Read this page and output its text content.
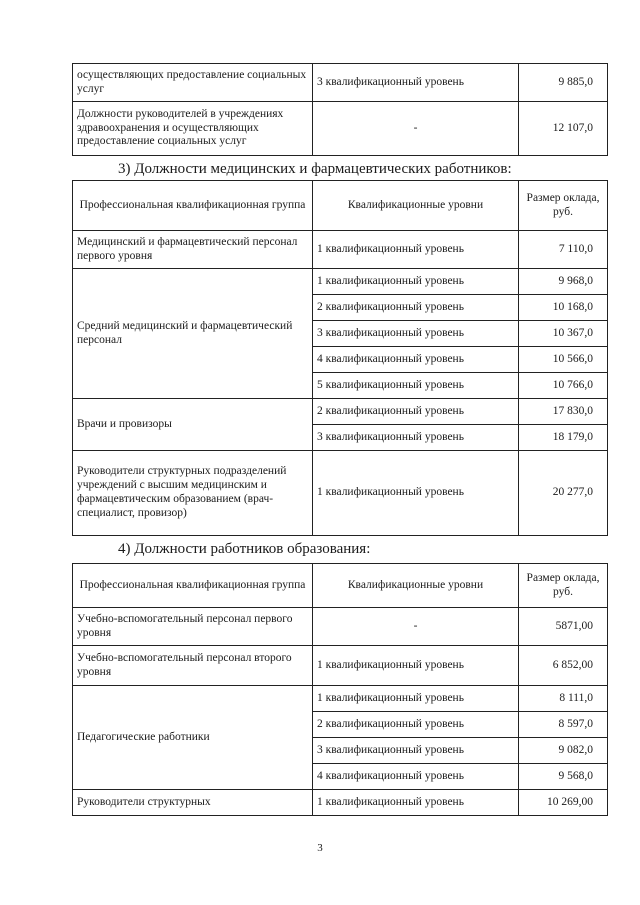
осуществляющих предоставление социальных услуг	3 квалификационный уровень	9 885,0
Должности руководителей в учреждениях здравоохранения и осуществляющих предоставление социальных услуг	-	12 107,0
3) Должности медицинских и фармацевтических работников:
Профессиональная квалификационная группа	Квалификационные уровни	Размер оклада, руб.
Медицинский и фармацевтический персонал первого уровня	1 квалификационный уровень	7 110,0
Средний медицинский и фармацевтический персонал	1 квалификационный уровень	9 968,0
	2 квалификационный уровень	10 168,0
	3 квалификационный уровень	10 367,0
	4 квалификационный уровень	10 566,0
	5 квалификационный уровень	10 766,0
Врачи и провизоры	2 квалификационный уровень	17 830,0
	3 квалификационный уровень	18 179,0
Руководители структурных подразделений учреждений с высшим медицинским и фармацевтическим образованием (врач-специалист, провизор)	1 квалификационный уровень	20 277,0
4) Должности работников образования:
Профессиональная квалификационная группа	Квалификационные уровни	Размер оклада, руб.
Учебно-вспомогательный персонал первого уровня	-	5871,00
Учебно-вспомогательный персонал второго уровня	1 квалификационный уровень	6 852,00
Педагогические работники	1 квалификационный уровень	8 111,0
	2 квалификационный уровень	8 597,0
	3 квалификационный уровень	9 082,0
	4 квалификационный уровень	9 568,0
Руководители структурных	1 квалификационный уровень	10 269,00
3
